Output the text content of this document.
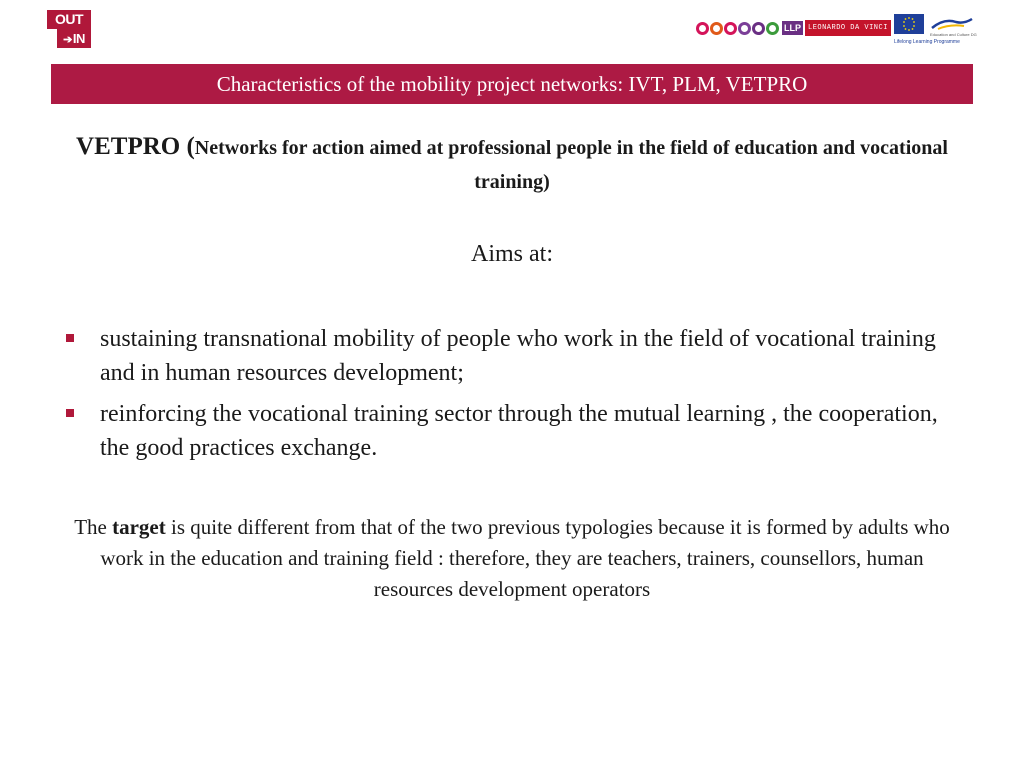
OUT
➔IN
LLP	LEONARDO DA VINCI
Education and Culture DG
Lifelong Learning Programme
Characteristics of the mobility project networks: IVT, PLM, VETPRO
VETPRO (Networks for action aimed at professional people in the field of education and vocational training)
Aims at:
sustaining transnational mobility of people who work in the field of vocational training and in human resources development;
reinforcing the vocational training sector through the mutual learning , the cooperation, the good practices exchange.
The target is quite different from that of the two previous typologies because it is formed by adults who work in the education and training field : therefore, they are teachers, trainers, counsellors, human resources development operators
